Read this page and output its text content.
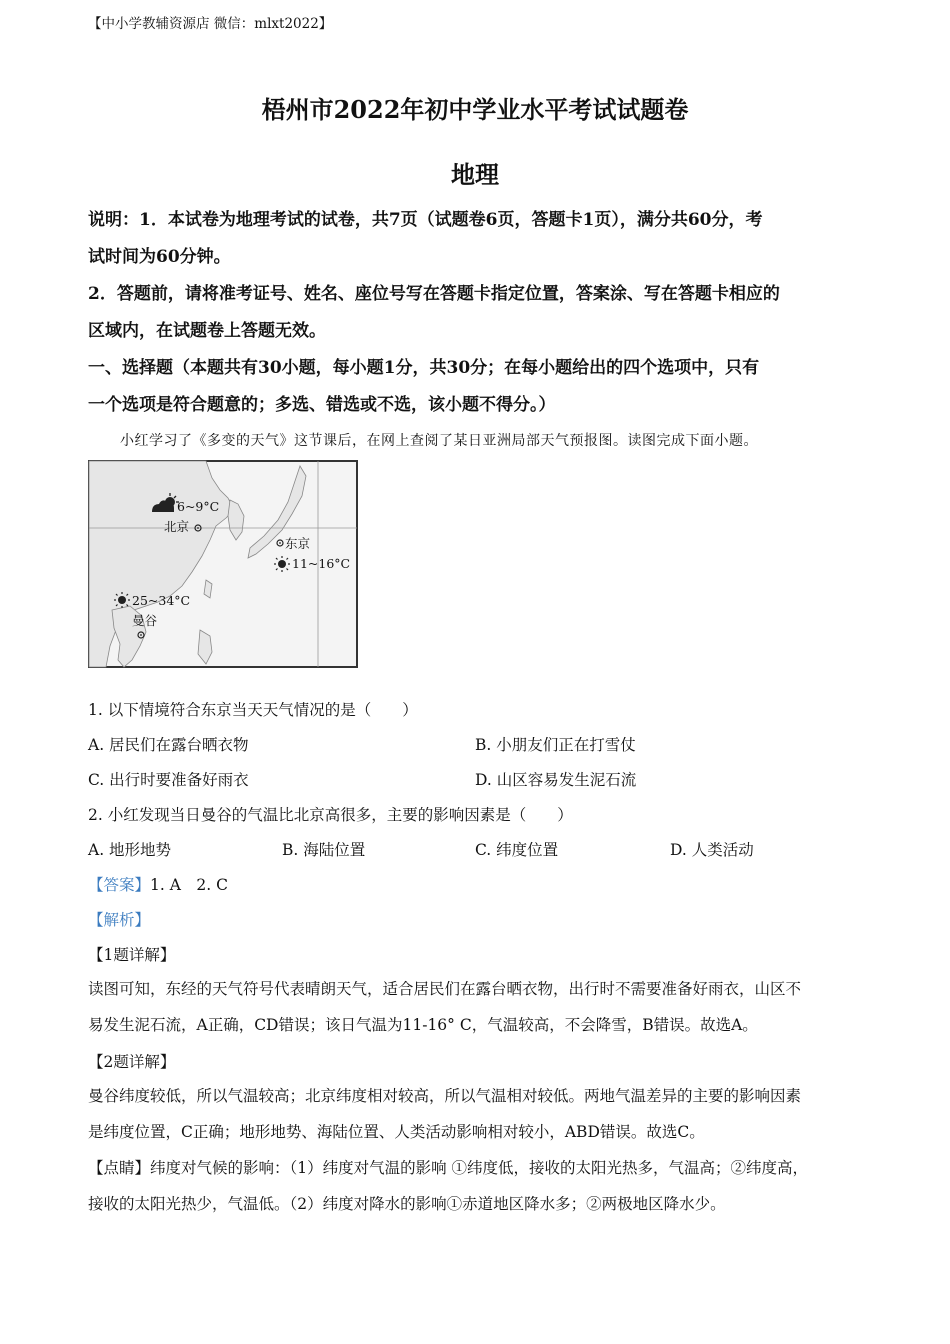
【中小学教辅资源店 微信：mlxt2022】
梧州市2022年初中学业水平考试试题卷
地理
说明：1．本试卷为地理考试的试卷，共7页（试题卷6页，答题卡1页），满分共60分，考
试时间为60分钟。
2．答题前，请将准考证号、姓名、座位号写在答题卡指定位置，答案涂、写在答题卡相应的
区域内，在试题卷上答题无效。
一、选择题（本题共有30小题，每小题1分，共30分；在每小题给出的四个选项中，只有
一个选项是符合题意的；多选、错选或不选，该小题不得分。）
小红学习了《多变的天气》这节课后，在网上查阅了某日亚洲局部天气预报图。读图完成下面小题。
6~9°C
北京
东京
11~16°C
25~34°C
曼谷
1. 以下情境符合东京当天天气情况的是（　　）
A. 居民们在露台晒衣物	B. 小朋友们正在打雪仗
C. 出行时要准备好雨衣	D. 山区容易发生泥石流
2. 小红发现当日曼谷的气温比北京高很多，主要的影响因素是（　　）
A. 地形地势	B. 海陆位置	C. 纬度位置	D. 人类活动
【答案】1. A　2. C
【解析】
【1题详解】
读图可知，东经的天气符号代表晴朗天气，适合居民们在露台晒衣物，出行时不需要准备好雨衣，山区不
易发生泥石流，A正确，CD错误；该日气温为11-16° C，气温较高，不会降雪，B错误。故选A。
【2题详解】
曼谷纬度较低，所以气温较高；北京纬度相对较高，所以气温相对较低。两地气温差异的主要的影响因素
是纬度位置，C正确；地形地势、海陆位置、人类活动影响相对较小，ABD错误。故选C。
【点睛】纬度对气候的影响：（1）纬度对气温的影响 ①纬度低，接收的太阳光热多，气温高；②纬度高，
接收的太阳光热少，气温低。（2）纬度对降水的影响①赤道地区降水多；②两极地区降水少。
